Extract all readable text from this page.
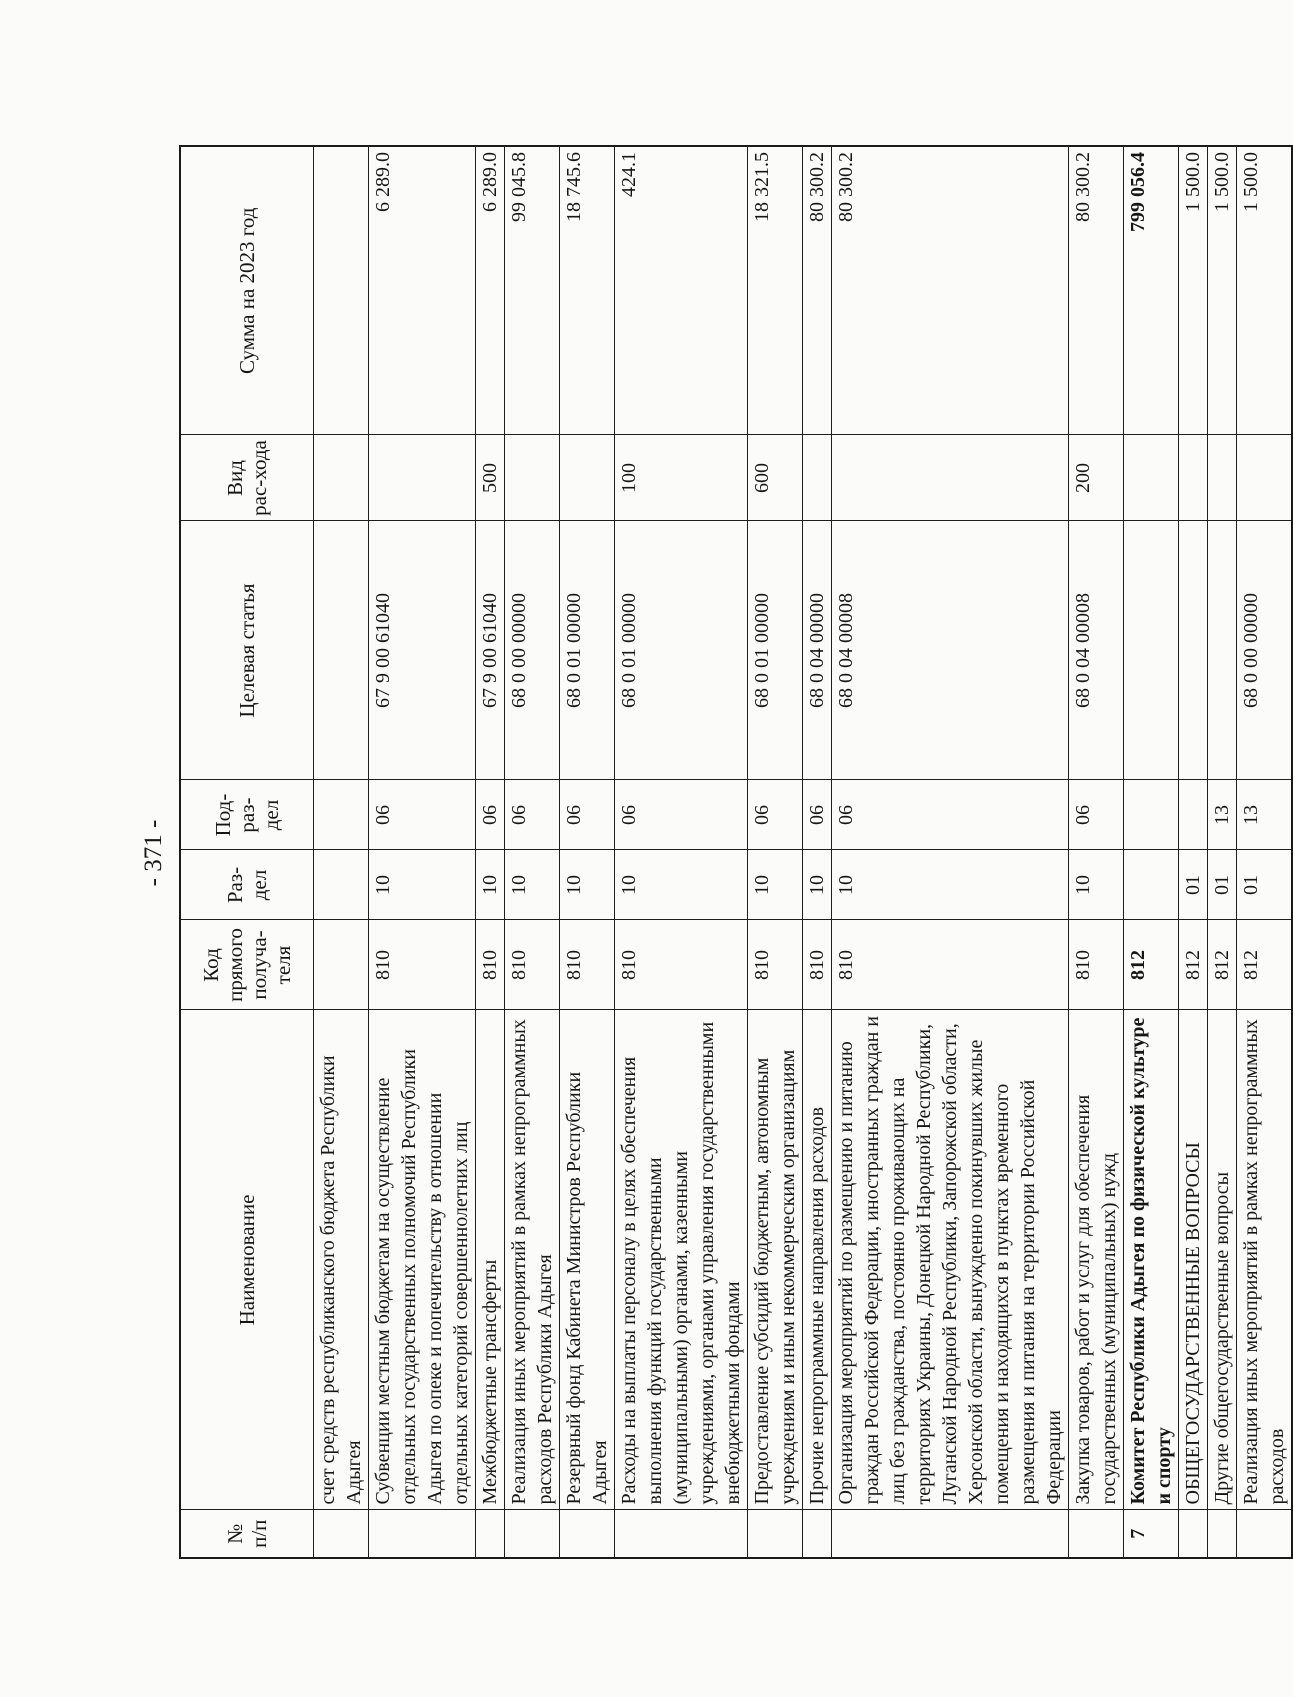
- 371 -
№ п/п	Наименование	Код прямого получа-теля	Раз-дел	Под-раз-дел	Целевая статья	Вид рас-хода	Сумма на 2023 год
	счет средств республиканского бюджета Республики Адыгея						
	Субвенции местным бюджетам на осуществление отдельных государственных полномочий Республики Адыгея по опеке и попечительству в отношении отдельных категорий совершеннолетних лиц	810	10	06	67 9 00 61040		6 289.0
	Межбюджетные трансферты	810	10	06	67 9 00 61040	500	6 289.0
	Реализация иных мероприятий в рамках непрограммных расходов Республики Адыгея	810	10	06	68 0 00 00000		99 045.8
	Резервный фонд Кабинета Министров Республики Адыгея	810	10	06	68 0 01 00000		18 745.6
	Расходы на выплаты персоналу в целях обеспечения выполнения функций государственными (муниципальными) органами, казенными учреждениями, органами управления государственными внебюджетными фондами	810	10	06	68 0 01 00000	100	424.1
	Предоставление субсидий бюджетным, автономным учреждениям и иным некоммерческим организациям	810	10	06	68 0 01 00000	600	18 321.5
	Прочие непрограммные направления расходов	810	10	06	68 0 04 00000		80 300.2
	Организация мероприятий по размещению и питанию граждан Российской Федерации, иностранных граждан и лиц без гражданства, постоянно проживающих на территориях Украины, Донецкой Народной Республики, Луганской Народной Республики, Запорожской области, Херсонской области, вынужденно покинувших жилые помещения и находящихся в пунктах временного размещения и питания на территории Российской Федерации	810	10	06	68 0 04 00008		80 300.2
	Закупка товаров, работ и услуг для обеспечения государственных (муниципальных) нужд	810	10	06	68 0 04 00008	200	80 300.2
7	Комитет Республики Адыгея по физической культуре и спорту	812					799 056.4
	ОБЩЕГОСУДАРСТВЕННЫЕ ВОПРОСЫ	812	01				1 500.0
	Другие общегосударственные вопросы	812	01	13			1 500.0
	Реализация иных мероприятий в рамках непрограммных расходов	812	01	13	68 0 00 00000		1 500.0
